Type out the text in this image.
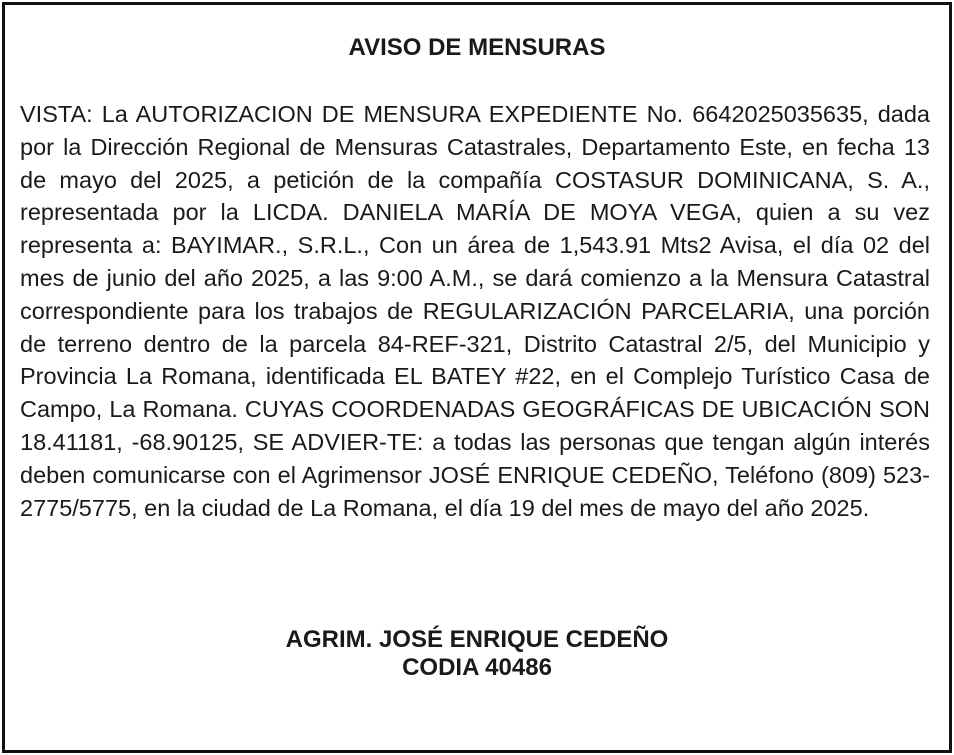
AVISO DE MENSURAS

VISTA: La AUTORIZACION DE MENSURA EXPEDIENTE No. 6642025035635, dada por la Dirección Regional de Mensuras Catastrales, Departamento Este, en fecha 13 de mayo del 2025, a petición de la compañía COSTASUR DOMINICANA, S. A., representada por la LICDA. DANIELA MARÍA DE MOYA VEGA, quien a su vez representa a: BAYIMAR., S.R.L., Con un área de 1,543.91 Mts2 Avisa, el día 02 del mes de junio del año 2025, a las 9:00 A.M., se dará comienzo a la Mensura Catastral correspondiente para los trabajos de REGULARIZACIÓN PARCELARIA, una porción de terreno dentro de la parcela 84-REF-321, Distrito Catastral 2/5, del Municipio y Provincia La Romana, identificada EL BATEY #22, en el Complejo Turístico Casa de Campo, La Romana. CUYAS COORDENADAS GEOGRÁFICAS DE UBICACIÓN SON 18.41181, -68.90125, SE ADVIER-TE: a todas las personas que tengan algún interés deben comunicarse con el Agrimensor JOSÉ ENRIQUE CEDEÑO, Teléfono (809) 523-2775/5775, en la ciudad de La Romana, el día 19 del mes de mayo del año 2025.

AGRIM. JOSÉ ENRIQUE CEDEÑO
CODIA 40486
